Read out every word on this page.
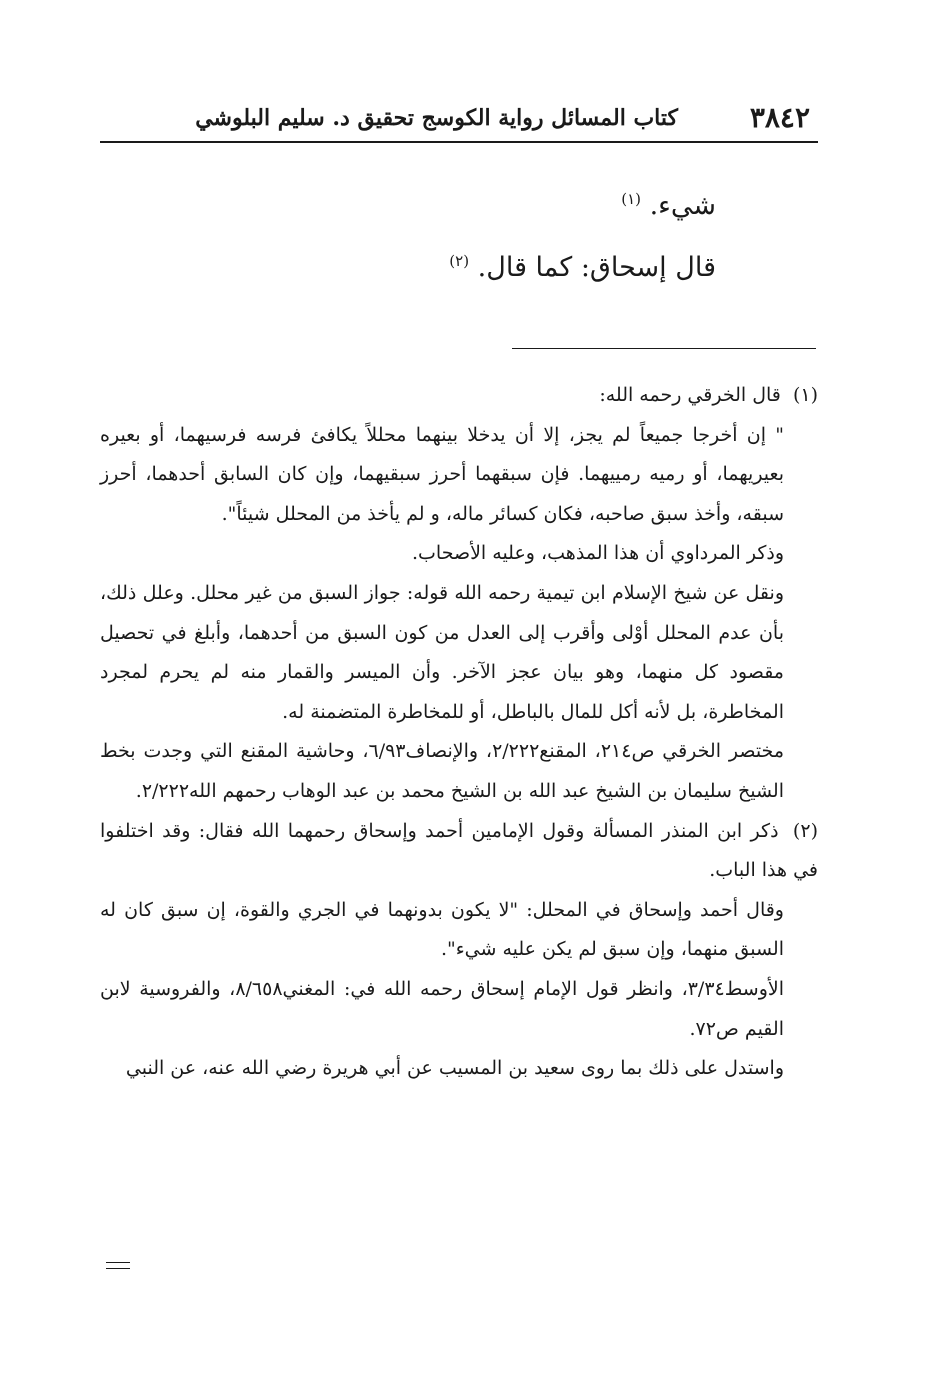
٣٨٤٢
كتاب المسائل رواية الكوسج تحقيق د. سليم البلوشي
شيء. $^{(١)}$
قال إسحاق: كما قال. $^{(٢)}$

(١) قال الخرقي رحمه الله:

" إن أخرجا جميعاً لم يجز، إلا أن يدخلا بينهما محللاً يكافئ فرسه فرسيهما، أو بعيره بعيريهما، أو رميه رمييهما. فإن سبقهما أحرز سبقيهما، وإن كان السابق أحدهما، أحرز سبقه، وأخذ سبق صاحبه، فكان كسائر ماله، و لم يأخذ من المحلل شيئاً".

وذكر المرداوي أن هذا المذهب، وعليه الأصحاب.

ونقل عن شيخ الإسلام ابن تيمية رحمه الله قوله: جواز السبق من غير محلل. وعلل ذلك، بأن عدم المحلل أوْلى وأقرب إلى العدل من كون السبق من أحدهما، وأبلغ في تحصيل مقصود كل منهما، وهو بيان عجز الآخر. وأن الميسر والقمار منه لم يحرم لمجرد المخاطرة، بل لأنه أكل للمال بالباطل، أو للمخاطرة المتضمنة له.

مختصر الخرقي ص٢١٤، المقنع٢/٢٢٢، والإنصاف٦/٩٣، وحاشية المقنع التي وجدت بخط الشيخ سليمان بن الشيخ عبد الله بن الشيخ محمد بن عبد الوهاب رحمهم الله٢/٢٢٢.

(٢) ذكر ابن المنذر المسألة وقول الإمامين أحمد وإسحاق رحمهما الله فقال: وقد اختلفوا في هذا الباب.

وقال أحمد وإسحاق في المحلل: "لا يكون بدونهما في الجري والقوة، إن سبق كان له السبق منهما، وإن سبق لم يكن عليه شيء".

الأوسط٣/٣٤، وانظر قول الإمام إسحاق رحمه الله في: المغني٨/٦٥٨، والفروسية لابن القيم ص٧٢.

واستدل على ذلك بما روى سعيد بن المسيب عن أبي هريرة رضي الله عنه، عن النبي
